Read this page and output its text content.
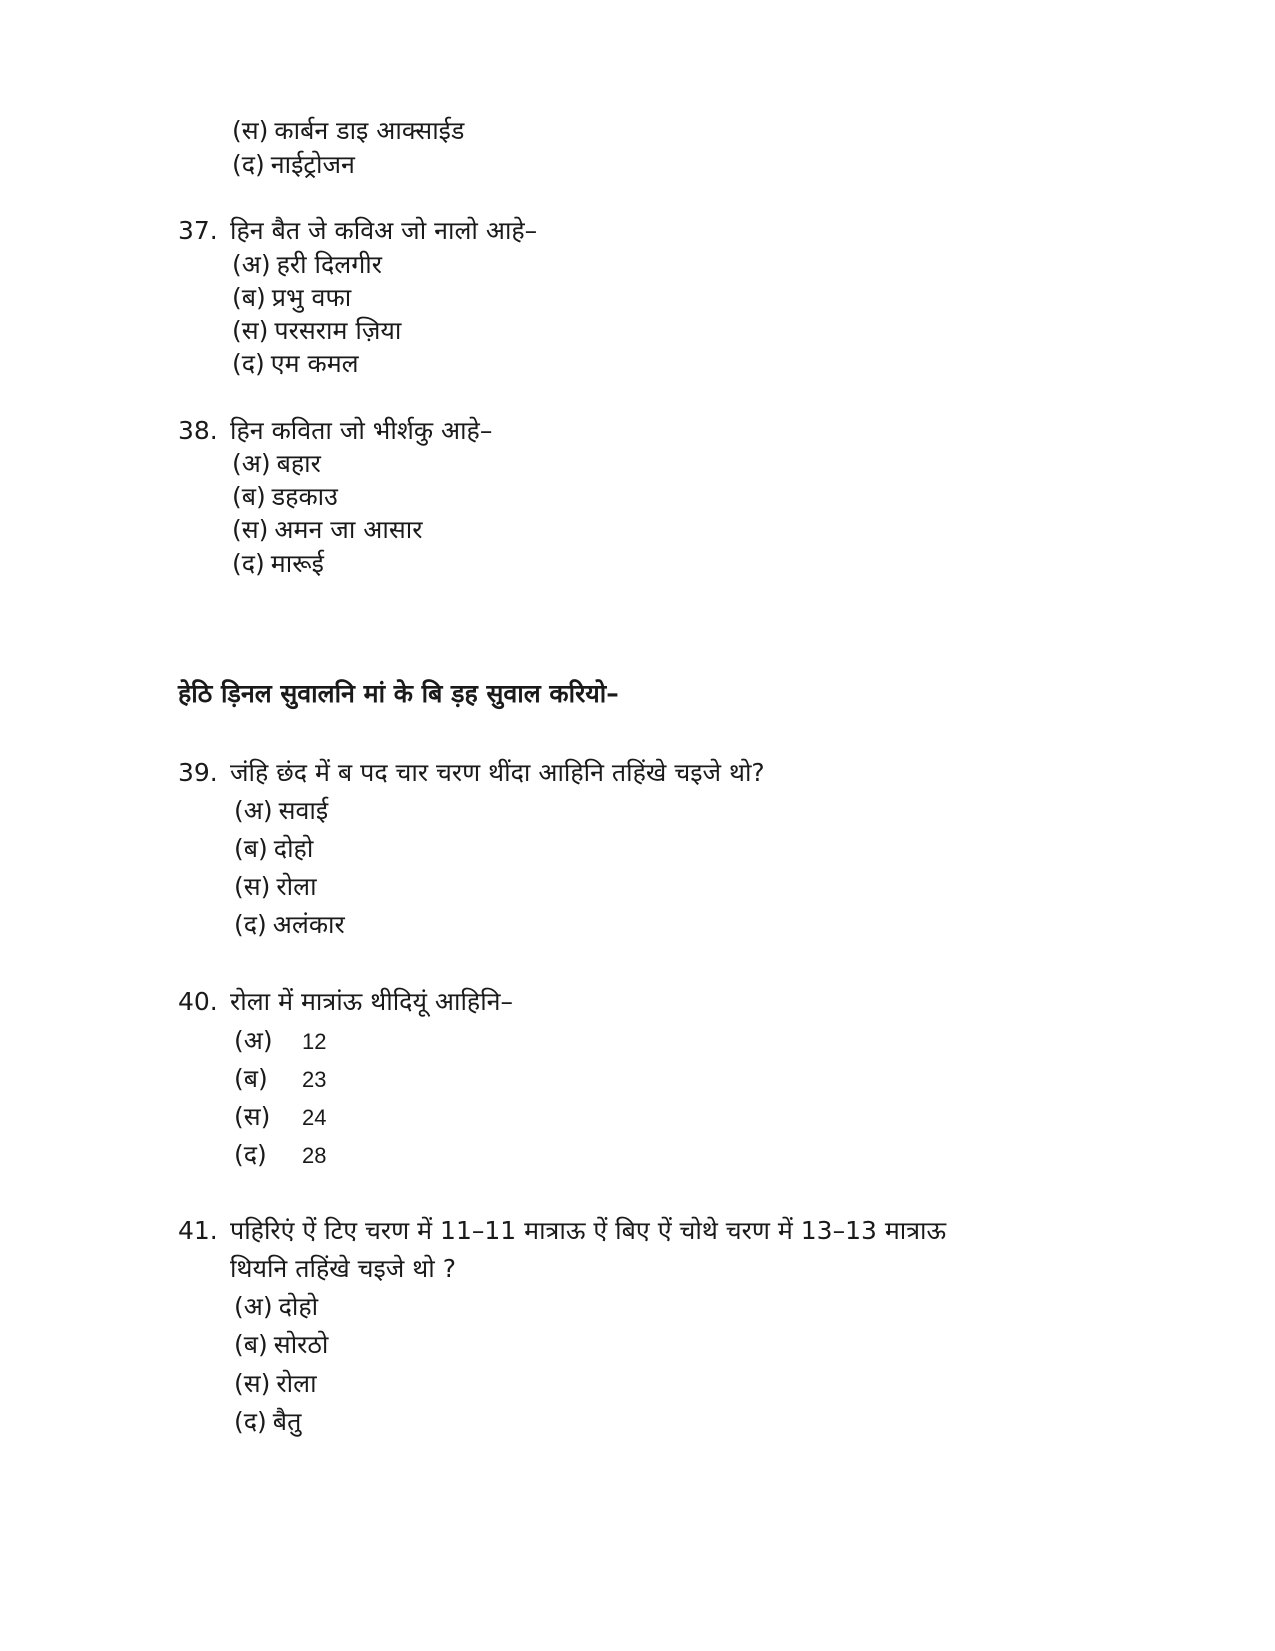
(स) कार्बन डाइ आक्साईड
(द) नाईट्रोजन
37. हिन बैत जे कविअ जो नालो आहे–
(अ) हरी दिलगीर
(ब) प्रभु वफा
(स) परसराम ज़िया
(द) एम कमल
38. हिन कविता जो भीर्शकु आहे–
(अ) बहार
(ब) डहकाउ
(स) अमन जा आसार
(द) मारूई
हेठि ड़िनल सुवालनि मां के बि ड़ह सुवाल करियो–
39. जंहि छंद में ब पद चार चरण थींदा आहिनि तहिंखे चइजे थो?
(अ) सवाई
(ब) दोहो
(स) रोला
(द) अलंकार
40. रोला में मात्रांऊ थीदियूं आहिनि–
(अ) 12
(ब) 23
(स) 24
(द) 28
41. पहिरिएं ऐं टिए चरण में 11–11 मात्राऊ ऐं बिए ऐं चोथे चरण में 13–13 मात्राऊ
थियनि तहिंखे चइजे थो ?
(अ) दोहो
(ब) सोरठो
(स) रोला
(द) बैतु
